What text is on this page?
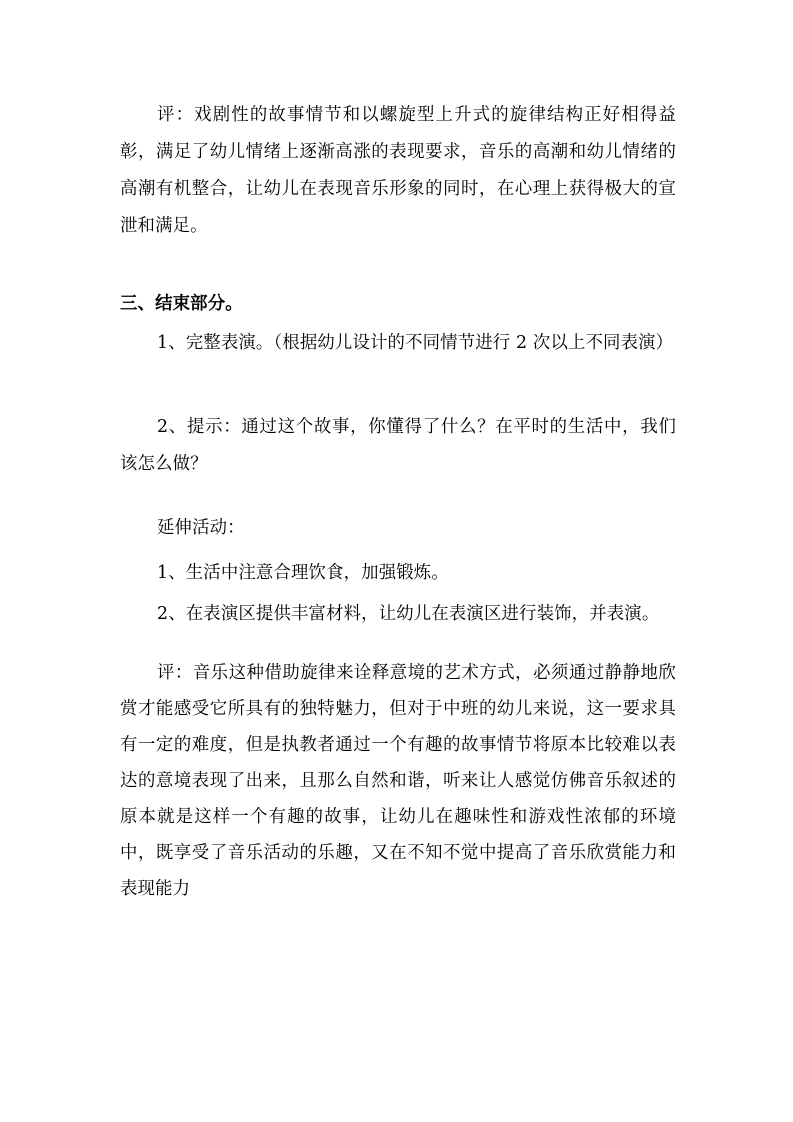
评：戏剧性的故事情节和以螺旋型上升式的旋律结构正好相得益彰，满足了幼儿情绪上逐渐高涨的表现要求，音乐的高潮和幼儿情绪的高潮有机整合，让幼儿在表现音乐形象的同时，在心理上获得极大的宣泄和满足。

三、结束部分。

1、完整表演。（根据幼儿设计的不同情节进行 2 次以上不同表演）

2、提示：通过这个故事，你懂得了什么？在平时的生活中，我们该怎么做？

延伸活动：

1、生活中注意合理饮食，加强锻炼。

2、在表演区提供丰富材料，让幼儿在表演区进行装饰，并表演。

评：音乐这种借助旋律来诠释意境的艺术方式，必须通过静静地欣赏才能感受它所具有的独特魅力，但对于中班的幼儿来说，这一要求具有一定的难度，但是执教者通过一个有趣的故事情节将原本比较难以表达的意境表现了出来，且那么自然和谐，听来让人感觉仿佛音乐叙述的原本就是这样一个有趣的故事，让幼儿在趣味性和游戏性浓郁的环境中，既享受了音乐活动的乐趣，又在不知不觉中提高了音乐欣赏能力和表现能力
